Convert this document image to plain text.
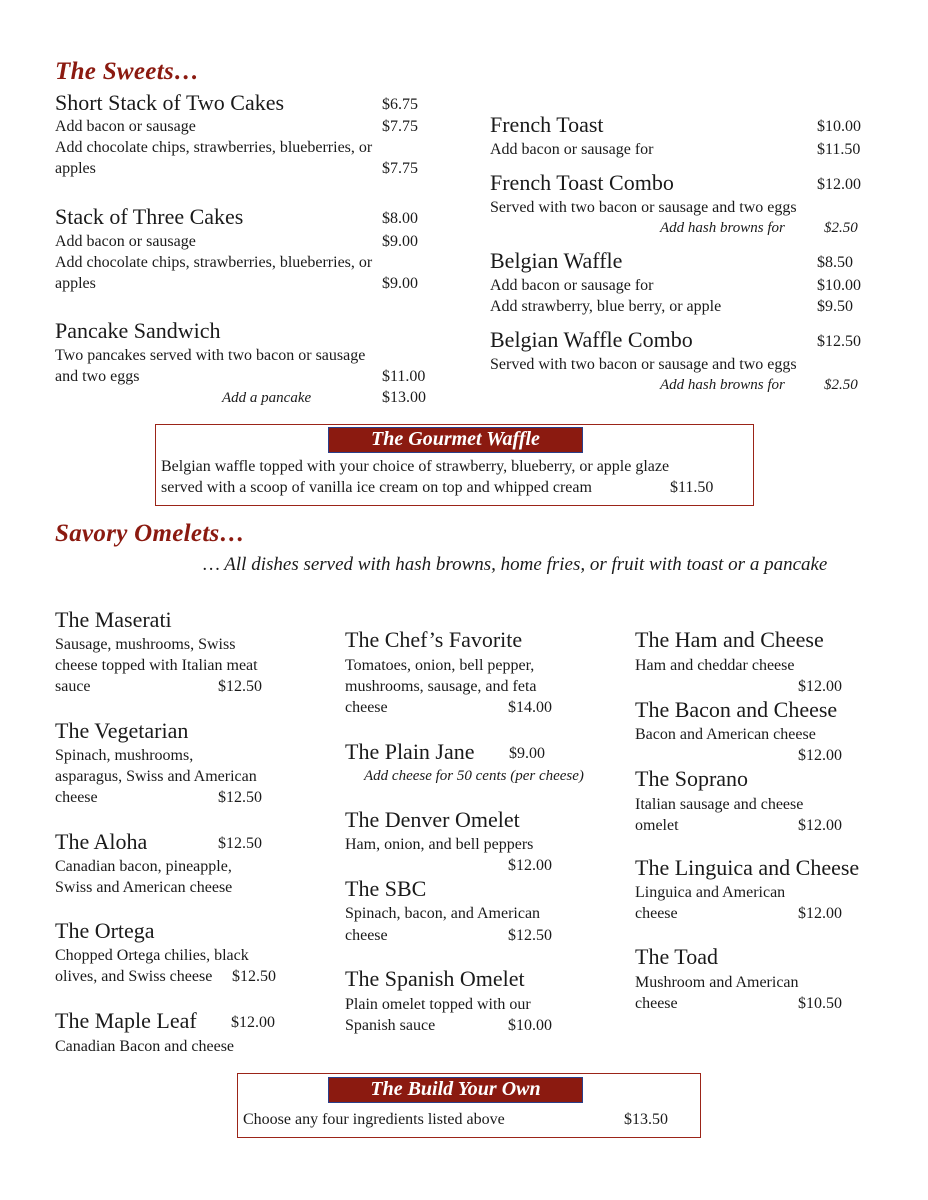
The Sweets…
Short Stack of Two Cakes	$6.75
Add bacon or sausage	$7.75
Add chocolate chips, strawberries, blueberries, or
apples	$7.75
Stack of Three Cakes	$8.00
Add bacon or sausage	$9.00
Add chocolate chips, strawberries, blueberries, or
apples	$9.00
Pancake Sandwich
Two pancakes served with two bacon or sausage
and two eggs	$11.00
Add a pancake	$13.00
French Toast	$10.00
Add bacon or sausage for	$11.50
French Toast Combo	$12.00
Served with two bacon or sausage and two eggs
Add hash browns for	$2.50
Belgian Waffle	$8.50
Add bacon or sausage for	$10.00
Add strawberry, blue berry, or apple	$9.50
Belgian Waffle Combo	$12.50
Served with two bacon or sausage and two eggs
Add hash browns for	$2.50
The Gourmet Waffle
Belgian waffle topped with your choice of strawberry, blueberry, or apple glaze
served with a scoop of vanilla ice cream on top and whipped cream	$11.50
Savory Omelets…
… All dishes served with hash browns, home fries, or fruit with toast or a pancake
The Maserati
Sausage, mushrooms, Swiss
cheese topped with Italian meat
sauce	$12.50
The Vegetarian
Spinach, mushrooms,
asparagus, Swiss and American
cheese	$12.50
The Aloha	$12.50
Canadian bacon, pineapple,
Swiss and American cheese
The Ortega
Chopped Ortega chilies, black
olives, and Swiss cheese $12.50
The Maple Leaf $12.00
Canadian Bacon and cheese
The Chef’s Favorite
Tomatoes, onion, bell pepper,
mushrooms, sausage, and feta
cheese	$14.00
The Plain Jane $9.00
Add cheese for 50 cents (per cheese)
The Denver Omelet
Ham, onion, and bell peppers
$12.00
The SBC
Spinach, bacon, and American
cheese	$12.50
The Spanish Omelet
Plain omelet topped with our
Spanish sauce	$10.00
The Ham and Cheese
Ham and cheddar cheese
$12.00
The Bacon and Cheese
Bacon and American cheese
$12.00
The Soprano
Italian sausage and cheese
omelet	$12.00
The Linguica and Cheese
Linguica and American
cheese	$12.00
The Toad
Mushroom and American
cheese	$10.50
The Build Your Own
Choose any four ingredients listed above	$13.50
